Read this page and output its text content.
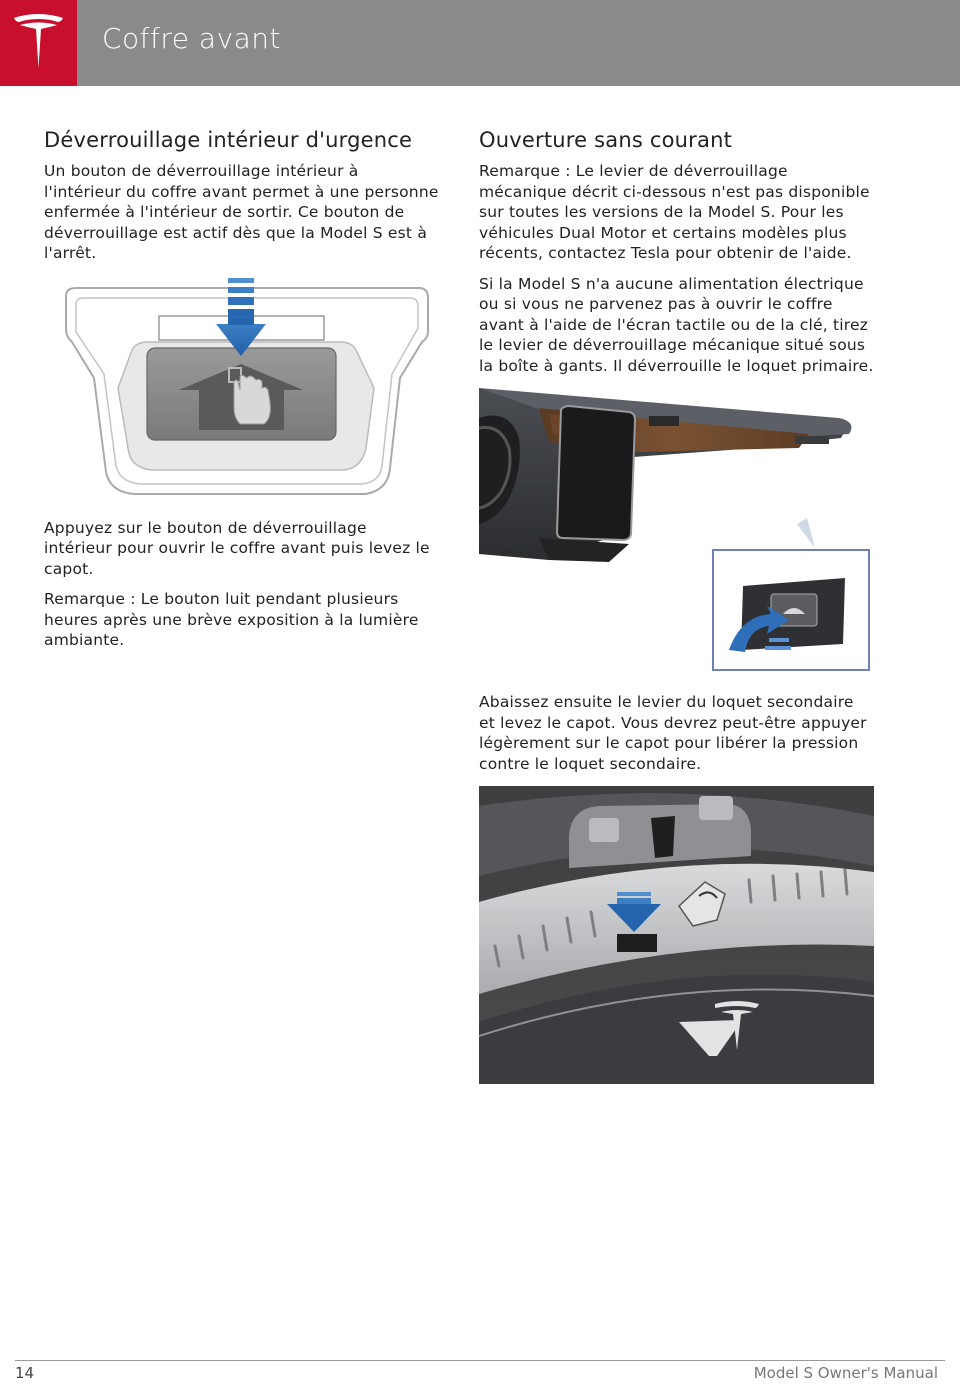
Coffre avant
Déverrouillage intérieur d'urgence

Un bouton de déverrouillage intérieur à l'intérieur du coffre avant permet à une personne enfermée à l'intérieur de sortir. Ce bouton de déverrouillage est actif dès que la Model S est à l'arrêt.

Appuyez sur le bouton de déverrouillage intérieur pour ouvrir le coffre avant puis levez le capot.

Remarque : Le bouton luit pendant plusieurs heures après une brève exposition à la lumière ambiante.

Ouverture sans courant

Remarque : Le levier de déverrouillage mécanique décrit ci-dessous n'est pas disponible sur toutes les versions de la Model S. Pour les véhicules Dual Motor et certains modèles plus récents, contactez Tesla pour obtenir de l'aide.

Si la Model S n'a aucune alimentation électrique ou si vous ne parvenez pas à ouvrir le coffre avant à l'aide de l'écran tactile ou de la clé, tirez le levier de déverrouillage mécanique situé sous la boîte à gants. Il déverrouille le loquet primaire.

Abaissez ensuite le levier du loquet secondaire et levez le capot. Vous devrez peut-être appuyer légèrement sur le capot pour libérer la pression contre le loquet secondaire.

14	Model S Owner's Manual
